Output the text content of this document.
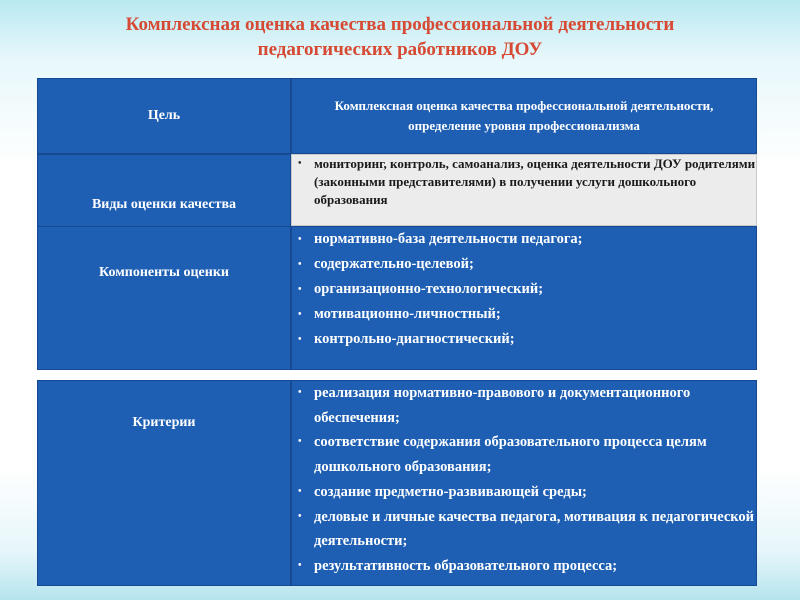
Комплексная оценка качества профессиональной деятельности
педагогических работников ДОУ
Цель
Комплексная оценка качества профессиональной деятельности, определение уровня профессионализма
Виды оценки качества
• мониторинг, контроль, самоанализ, оценка деятельности ДОУ родителями (законными представителями) в получении услуги дошкольного образования
Компоненты оценки
• нормативно-база деятельности педагога;
• содержательно-целевой;
• организационно-технологический;
• мотивационно-личностный;
• контрольно-диагностический;
Критерии
• реализация нормативно-правового и документационного обеспечения;
• соответствие содержания образовательного процесса целям дошкольного образования;
• создание предметно-развивающей среды;
• деловые и личные качества педагога, мотивация к педагогической деятельности;
• результативность образовательного процесса;
